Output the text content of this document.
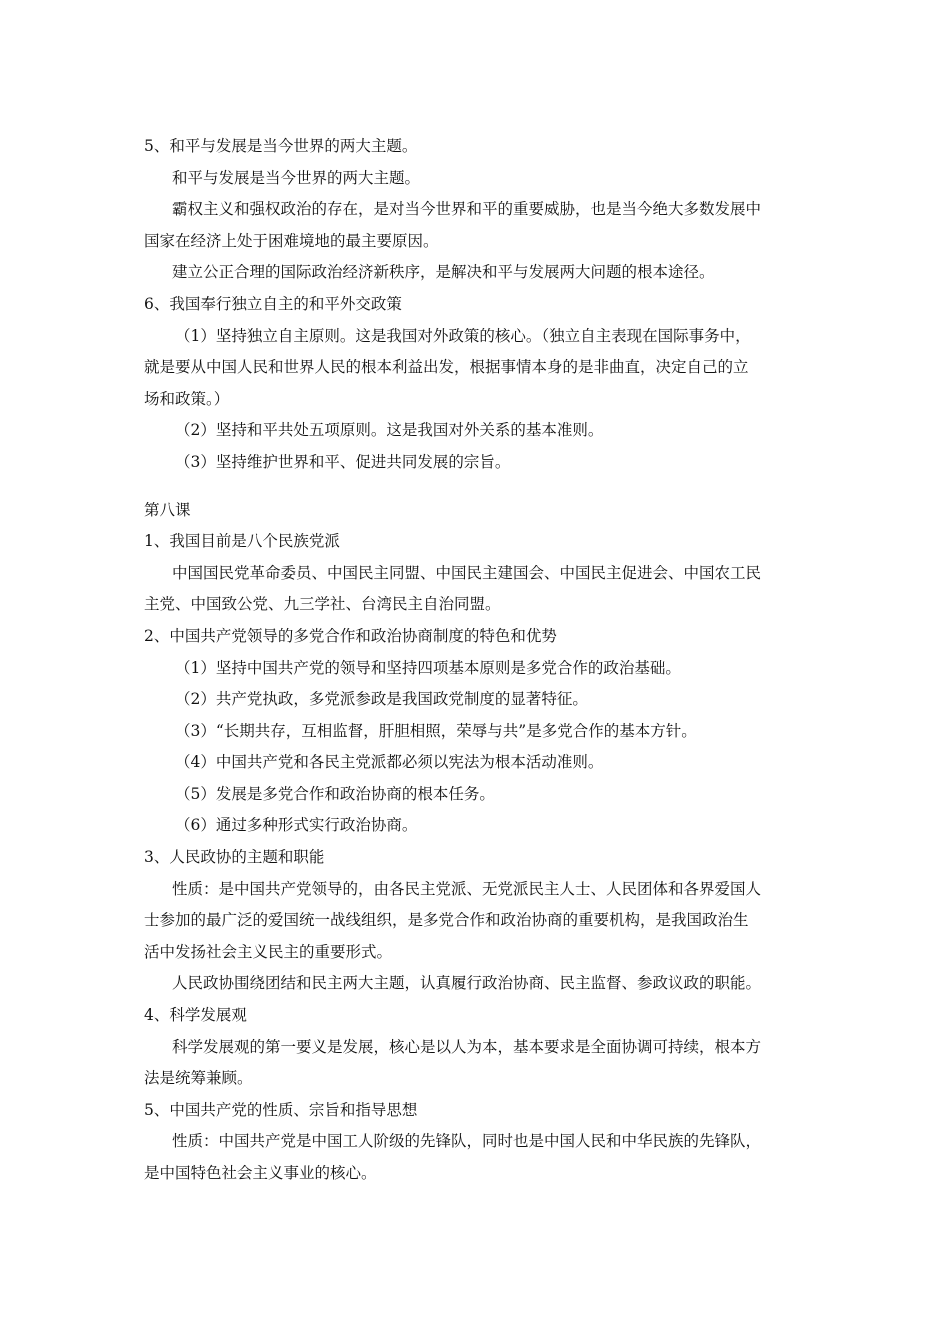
5、和平与发展是当今世界的两大主题。
和平与发展是当今世界的两大主题。
霸权主义和强权政治的存在，是对当今世界和平的重要威胁，也是当今绝大多数发展中
国家在经济上处于困难境地的最主要原因。
建立公正合理的国际政治经济新秩序，是解决和平与发展两大问题的根本途径。
6、我国奉行独立自主的和平外交政策
（1）坚持独立自主原则。这是我国对外政策的核心。（独立自主表现在国际事务中，
就是要从中国人民和世界人民的根本利益出发，根据事情本身的是非曲直，决定自己的立
场和政策。）
（2）坚持和平共处五项原则。这是我国对外关系的基本准则。
（3）坚持维护世界和平、促进共同发展的宗旨。
第八课
1、我国目前是八个民族党派
中国国民党革命委员、中国民主同盟、中国民主建国会、中国民主促进会、中国农工民
主党、中国致公党、九三学社、台湾民主自治同盟。
2、中国共产党领导的多党合作和政治协商制度的特色和优势
（1）坚持中国共产党的领导和坚持四项基本原则是多党合作的政治基础。
（2）共产党执政，多党派参政是我国政党制度的显著特征。
（3）“长期共存，互相监督，肝胆相照，荣辱与共”是多党合作的基本方针。
（4）中国共产党和各民主党派都必须以宪法为根本活动准则。
（5）发展是多党合作和政治协商的根本任务。
（6）通过多种形式实行政治协商。
3、人民政协的主题和职能
性质：是中国共产党领导的，由各民主党派、无党派民主人士、人民团体和各界爱国人
士参加的最广泛的爱国统一战线组织，是多党合作和政治协商的重要机构，是我国政治生
活中发扬社会主义民主的重要形式。
人民政协围绕团结和民主两大主题，认真履行政治协商、民主监督、参政议政的职能。
4、科学发展观
科学发展观的第一要义是发展，核心是以人为本，基本要求是全面协调可持续，根本方
法是统筹兼顾。
5、中国共产党的性质、宗旨和指导思想
性质：中国共产党是中国工人阶级的先锋队，同时也是中国人民和中华民族的先锋队，
是中国特色社会主义事业的核心。
